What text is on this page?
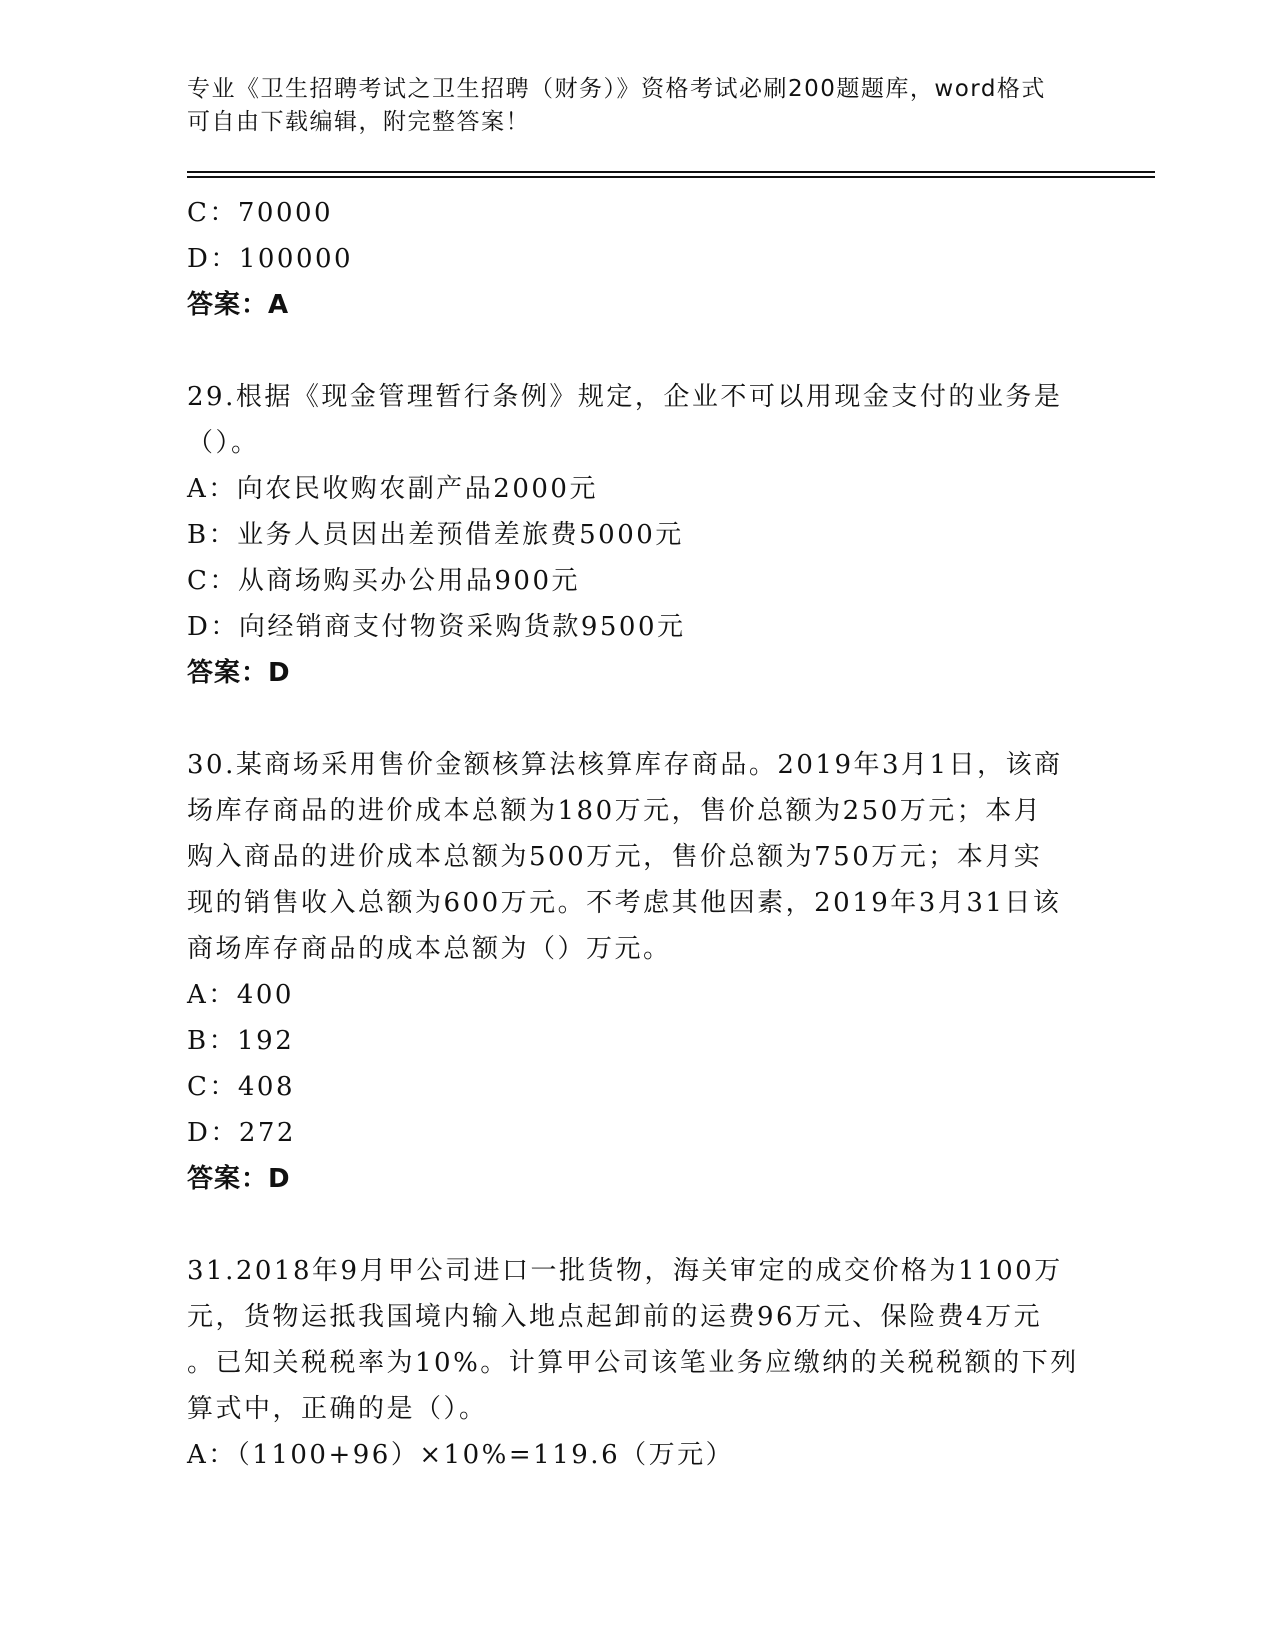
专业《卫生招聘考试之卫生招聘（财务）》资格考试必刷200题题库，word格式
可自由下载编辑，附完整答案！
C：70000
D：100000
答案：A
29.根据《现金管理暂行条例》规定，企业不可以用现金支付的业务是
（）。
A：向农民收购农副产品2000元
B：业务人员因出差预借差旅费5000元
C：从商场购买办公用品900元
D：向经销商支付物资采购货款9500元
答案：D
30.某商场采用售价金额核算法核算库存商品。2019年3月1日，该商
场库存商品的进价成本总额为180万元，售价总额为250万元；本月
购入商品的进价成本总额为500万元，售价总额为750万元；本月实
现的销售收入总额为600万元。不考虑其他因素，2019年3月31日该
商场库存商品的成本总额为（）万元。
A：400
B：192
C：408
D：272
答案：D
31.2018年9月甲公司进口一批货物，海关审定的成交价格为1100万
元，货物运抵我国境内输入地点起卸前的运费96万元、保险费4万元
。已知关税税率为10%。计算甲公司该笔业务应缴纳的关税税额的下列
算式中，正确的是（）。
A：（1100+96）×10%=119.6（万元）
